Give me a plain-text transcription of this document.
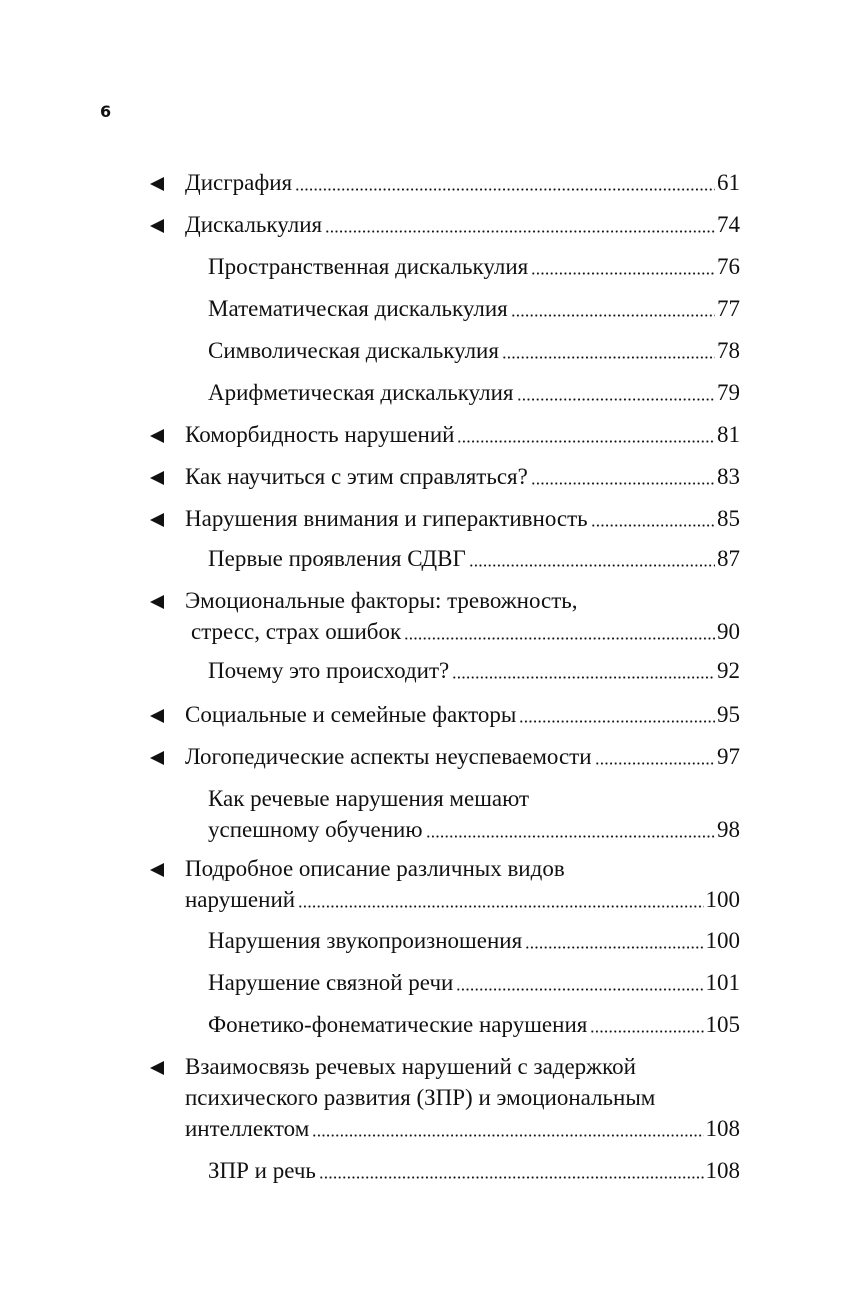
6
Дисграфия	61
Дискалькулия	74
Пространственная дискалькулия	76
Математическая дискалькулия	77
Символическая дискалькулия	78
Арифметическая дискалькулия	79
Коморбидность нарушений	81
Как научиться с этим справляться?	83
Нарушения внимания и гиперактивность	85
Первые проявления СДВГ	87
Эмоциональные факторы: тревожность,
стресс, страх ошибок	90
Почему это происходит?	92
Социальные и семейные факторы	95
Логопедические аспекты неуспеваемости	97
Как речевые нарушения мешают
успешному обучению	98
Подробное описание различных видов
нарушений	100
Нарушения звукопроизношения	100
Нарушение связной речи	101
Фонетико-фонематические нарушения	105
Взаимосвязь речевых нарушений с задержкой
психического развития (ЗПР) и эмоциональным
интеллектом	108
ЗПР и речь	108
